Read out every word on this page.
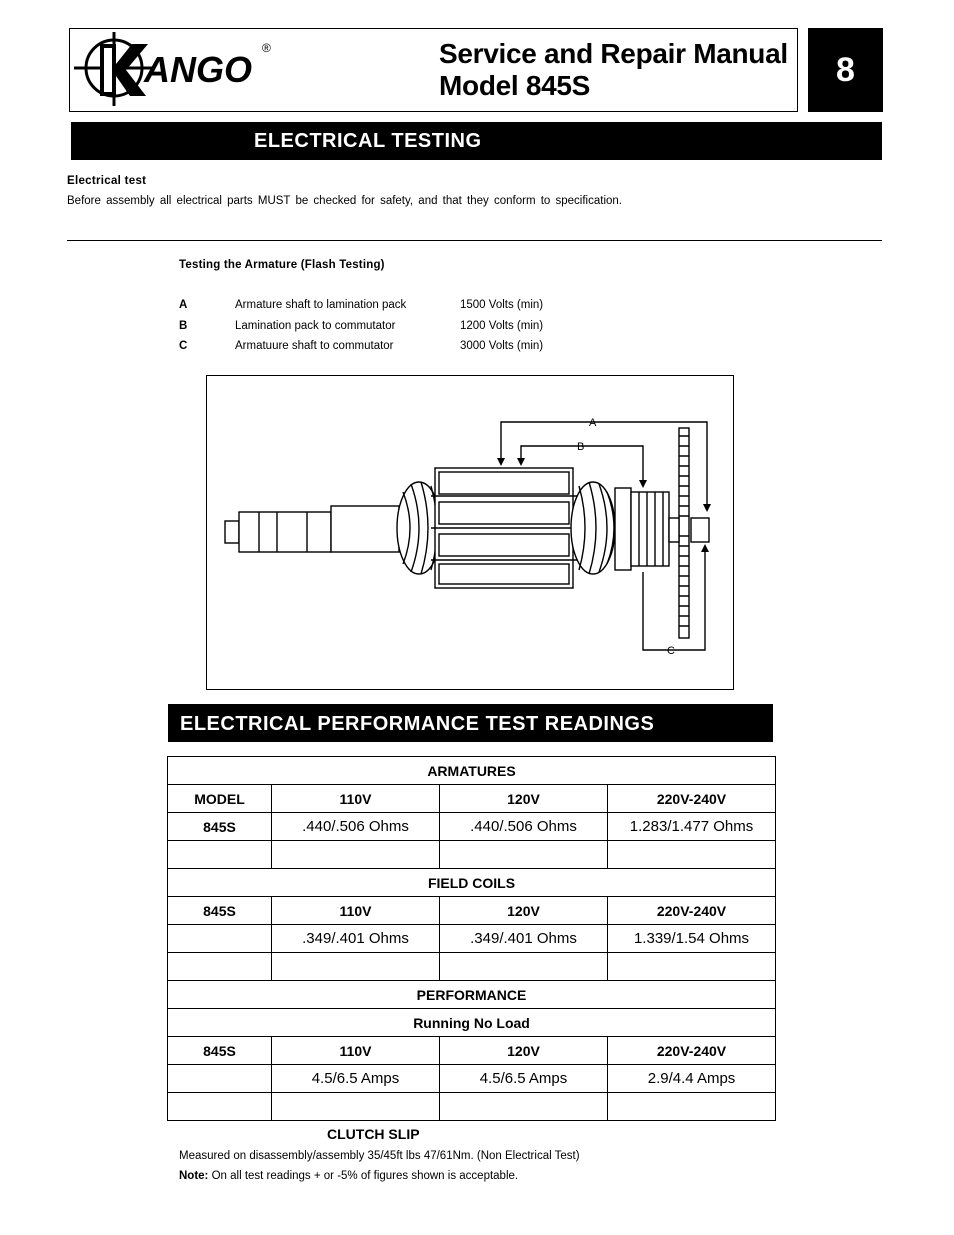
ANGO
®	Service and Repair Manual
Model 845S	8
ELECTRICAL TESTING
Electrical test
Before assembly all electrical parts MUST be checked for safety, and that they conform to specification.
Testing the Armature (Flash Testing)
A	Armature shaft to lamination pack	1500 Volts (min)
B	Lamination pack to commutator	1200 Volts (min)
C	Armatuure shaft to commutator	3000 Volts (min)
A
B
C
ELECTRICAL PERFORMANCE TEST READINGS
ARMATURES			
MODEL	110V	120V	220V-240V
845S	.440/.506 Ohms	.440/.506 Ohms	1.283/1.477 Ohms

FIELD COILS			
845S	110V	120V	220V-240V
	.349/.401 Ohms	.349/.401 Ohms	1.339/1.54 Ohms

PERFORMANCE			
Running No Load			
845S	110V	120V	220V-240V
	4.5/6.5 Amps	4.5/6.5 Amps	2.9/4.4 Amps

CLUTCH SLIP
Measured on disassembly/assembly 35/45ft lbs 47/61Nm. (Non Electrical Test)
Note: On all test readings + or -5% of figures shown is acceptable.
